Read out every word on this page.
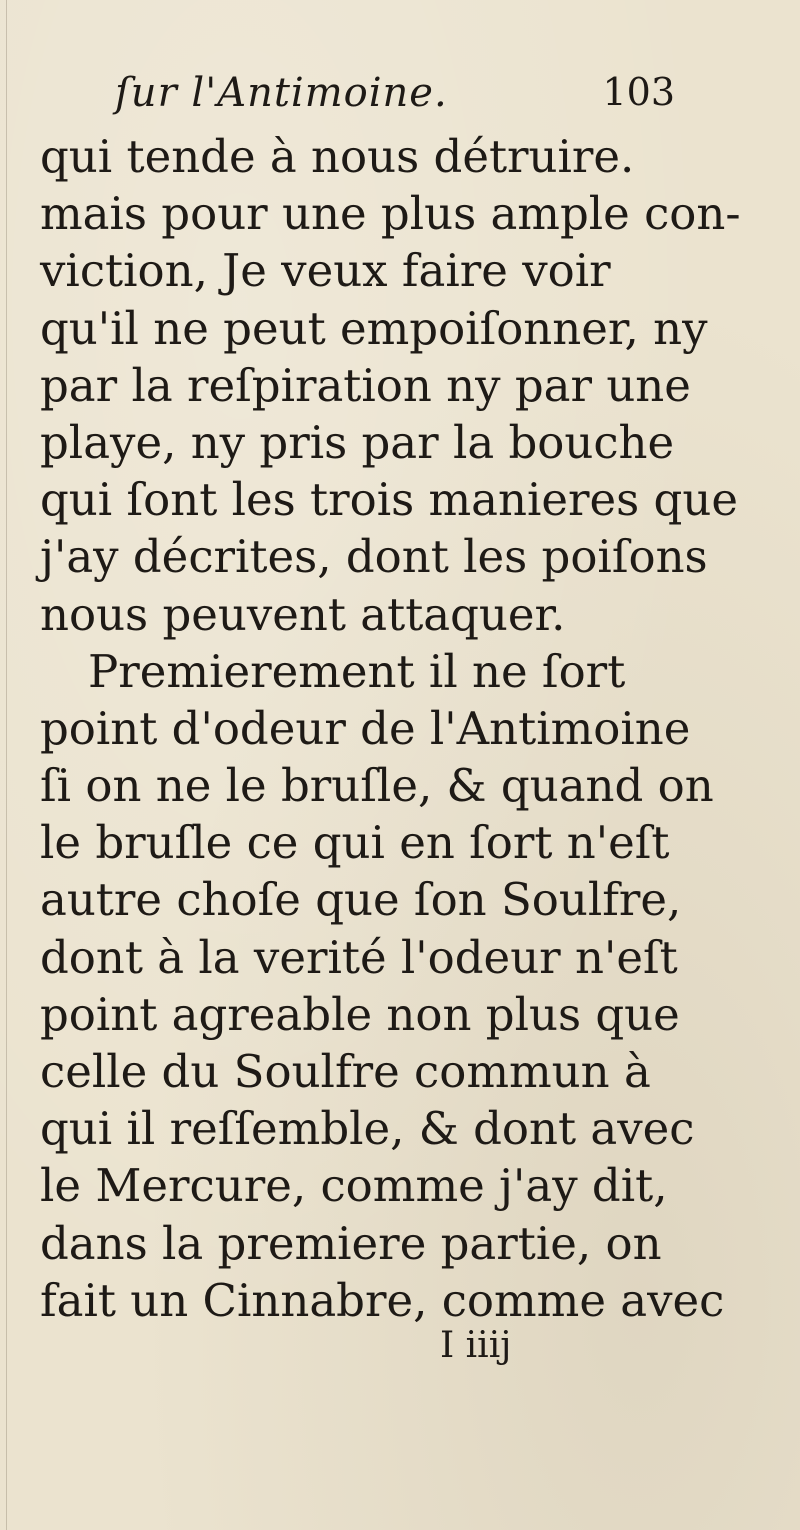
ſur l'Antimoine.	103
qui tende à nous détruire.
mais pour une plus ample con-
viction, Je veux faire voir
qu'il ne peut empoiſonner, ny
par la reſpiration ny par une
playe, ny pris par la bouche
qui ſont les trois manieres que
j'ay décrites, dont les poiſons
nous peuvent attaquer.
Premierement il ne ſort
point d'odeur de l'Antimoine
ſi on ne le bruſle, & quand on
le bruſle ce qui en ſort n'eſt
autre choſe que ſon Soulfre,
dont à la verité l'odeur n'eſt
point agreable non plus que
celle du Soulfre commun à
qui il reſſemble, & dont avec
le Mercure, comme j'ay dit,
dans la premiere partie, on
fait un Cinnabre, comme avec
I iiij
